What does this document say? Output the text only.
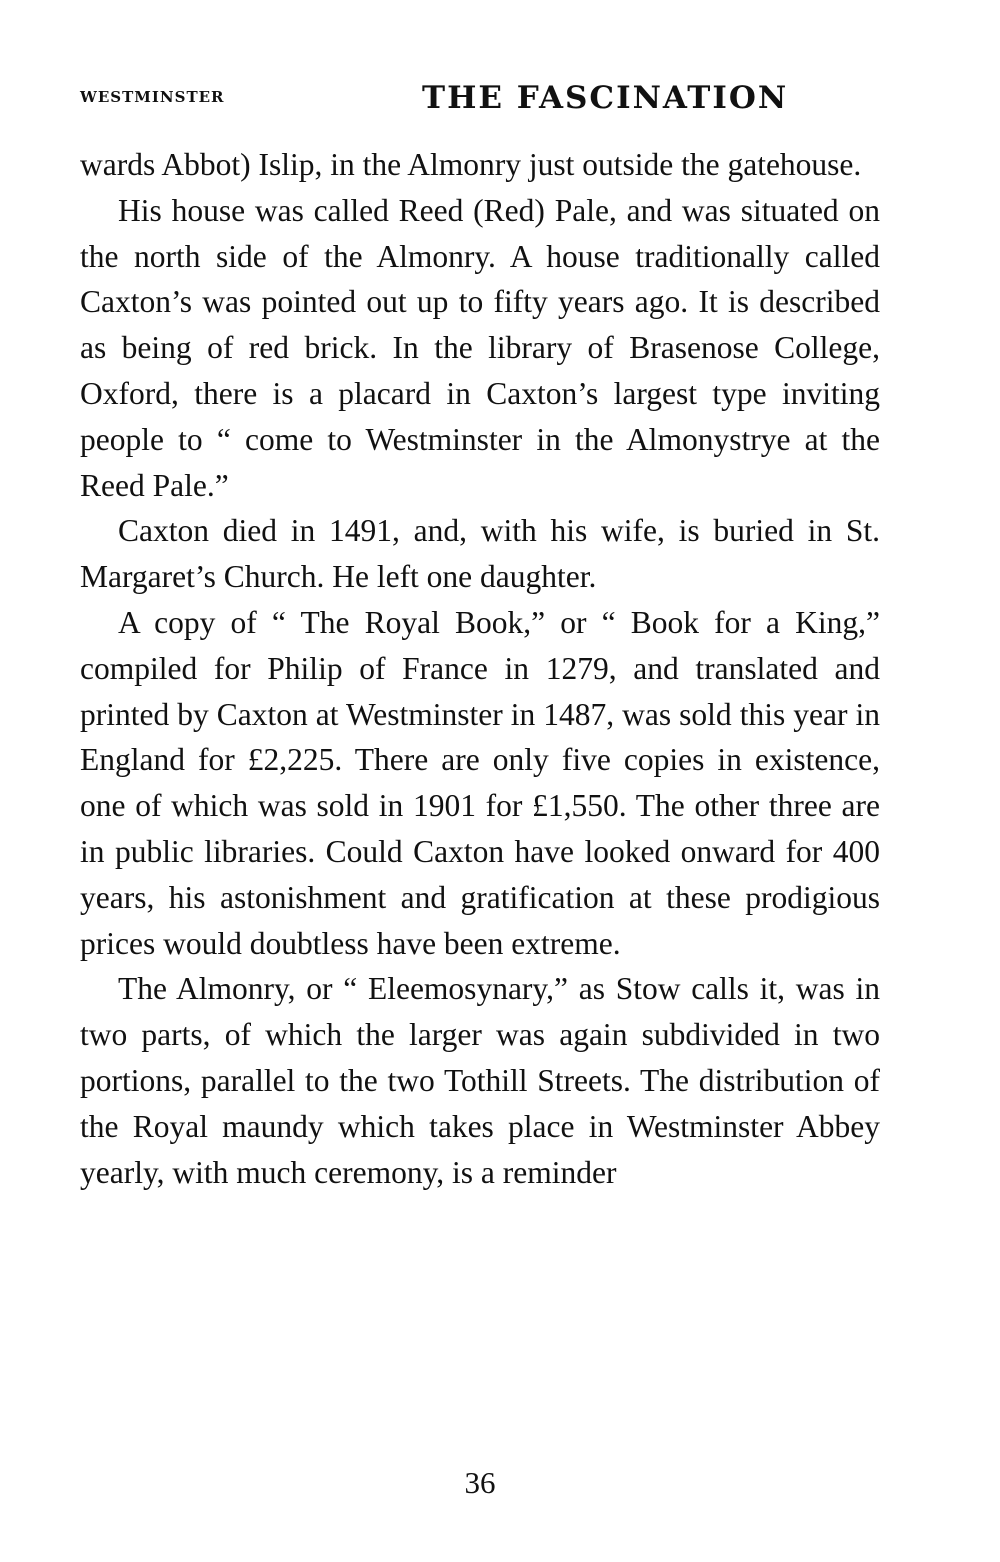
WESTMINSTER	THE FASCINATION

wards Abbot) Islip, in the Almonry just outside the gatehouse.

His house was called Reed (Red) Pale, and was situated on the north side of the Almonry. A house traditionally called Caxton’s was pointed out up to fifty years ago. It is described as being of red brick. In the library of Brasenose College, Oxford, there is a placard in Caxton’s largest type inviting people to “ come to Westminster in the Almonystrye at the Reed Pale.”

Caxton died in 1491, and, with his wife, is buried in St. Margaret’s Church. He left one daughter.

A copy of “ The Royal Book,” or “ Book for a King,” compiled for Philip of France in 1279, and translated and printed by Caxton at Westminster in 1487, was sold this year in England for £2,225. There are only five copies in existence, one of which was sold in 1901 for £1,550. The other three are in public libraries. Could Caxton have looked onward for 400 years, his astonishment and gratification at these prodigious prices would doubtless have been extreme.

The Almonry, or “ Eleemosynary,” as Stow calls it, was in two parts, of which the larger was again subdivided in two portions, parallel to the two Tothill Streets. The distribution of the Royal maundy which takes place in Westminster Abbey yearly, with much ceremony, is a reminder

36
